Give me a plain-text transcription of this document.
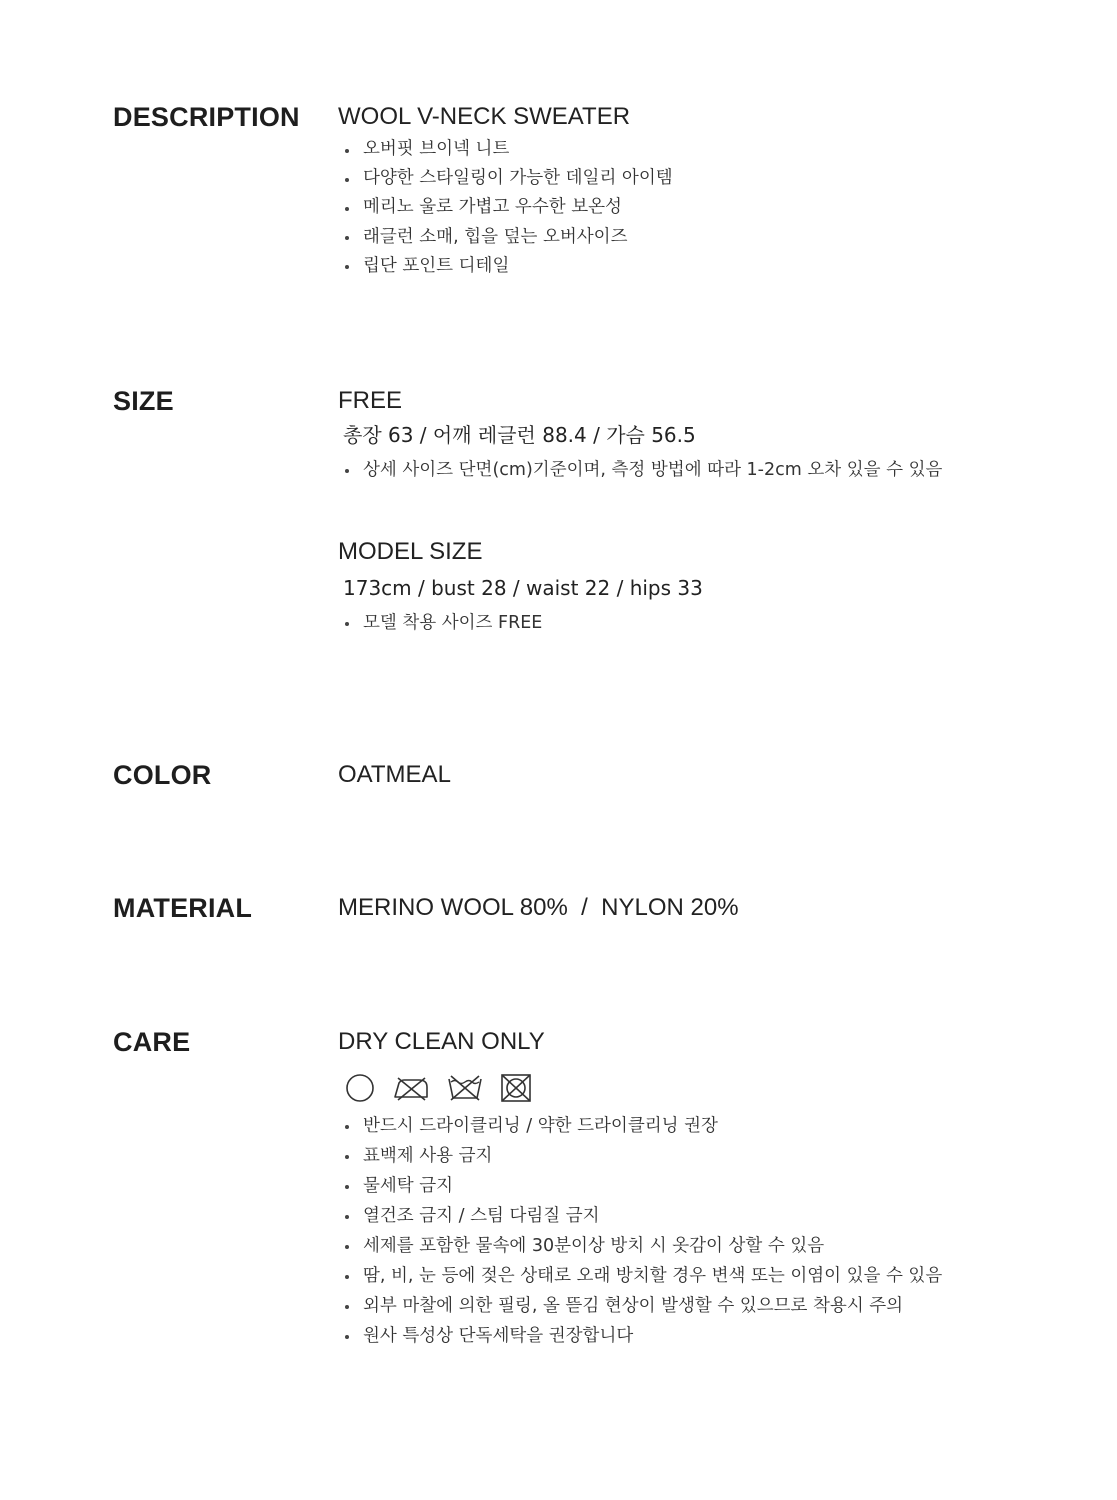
DESCRIPTION WOOL V-NECK SWEATER
오버핏 브이넥 니트
다양한 스타일링이 가능한 데일리 아이템
메리노 울로 가볍고 우수한 보온성
래글런 소매, 힙을 덮는 오버사이즈
립단 포인트 디테일
SIZE	FREE
총장 63 / 어깨 레글런 88.4 / 가슴 56.5
상세 사이즈 단면(cm)기준이며, 측정 방법에 따라 1-2cm 오차 있을 수 있음
MODEL SIZE
173cm / bust 28 / waist 22 / hips 33
모델 착용 사이즈 FREE
COLOR	OATMEAL
MATERIAL	MERINO WOOL 80%  /  NYLON 20%
CARE	DRY CLEAN ONLY
반드시 드라이클리닝 / 약한 드라이클리닝 권장
표백제 사용 금지
물세탁 금지
열건조 금지 / 스팀 다림질 금지
세제를 포함한 물속에 30분이상 방치 시 옷감이 상할 수 있음
땀, 비, 눈 등에 젖은 상태로 오래 방치할 경우 변색 또는 이염이 있을 수 있음
외부 마찰에 의한 필링, 올 뜯김 현상이 발생할 수 있으므로 착용시 주의
원사 특성상 단독세탁을 권장합니다
